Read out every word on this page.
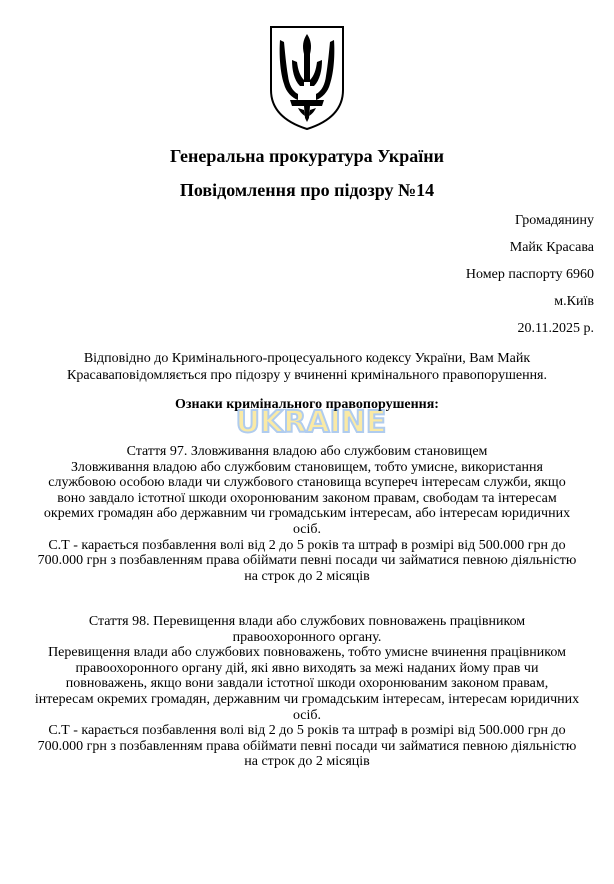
Генеральна прокуратура України
Повідомлення про підозру №14
Громадянину
Майк Красава
Номер паспорту 6960
м.Київ
20.11.2025 р.
Відповідно до Кримінального-процесуального кодексу України, Вам Майк
Красаваповідомляється про підозру у вчиненні кримінального правопорушення.
Ознаки кримінального правопорушення:
UKRAINE
Стаття 97. Зловживання владою або службовим становищем
Зловживання владою або службовим становищем, тобто умисне, використання
службовою особою влади чи службового становища всупереч інтересам служби, якщо
воно завдало істотної шкоди охоронюваним законом правам, свободам та інтересам
окремих громадян або державним чи громадським інтересам, або інтересам юридичних
осіб.
С.Т - карається позбавлення волі від 2 до 5 років та штраф в розмірі від 500.000 грн до
700.000 грн з позбавленням права обіймати певні посади чи займатися певною діяльністю
на строк до 2 місяців
Стаття 98. Перевищення влади або службових повноважень працівником
правоохоронного органу.
Перевищення влади або службових повноважень, тобто умисне вчинення працівником
правоохоронного органу дій, які явно виходять за межі наданих йому прав чи
повноважень, якщо вони завдали істотної шкоди охоронюваним законом правам,
інтересам окремих громадян, державним чи громадським інтересам, інтересам юридичних
осіб.
С.Т - карається позбавлення волі від 2 до 5 років та штраф в розмірі від 500.000 грн до
700.000 грн з позбавленням права обіймати певні посади чи займатися певною діяльністю
на строк до 2 місяців
